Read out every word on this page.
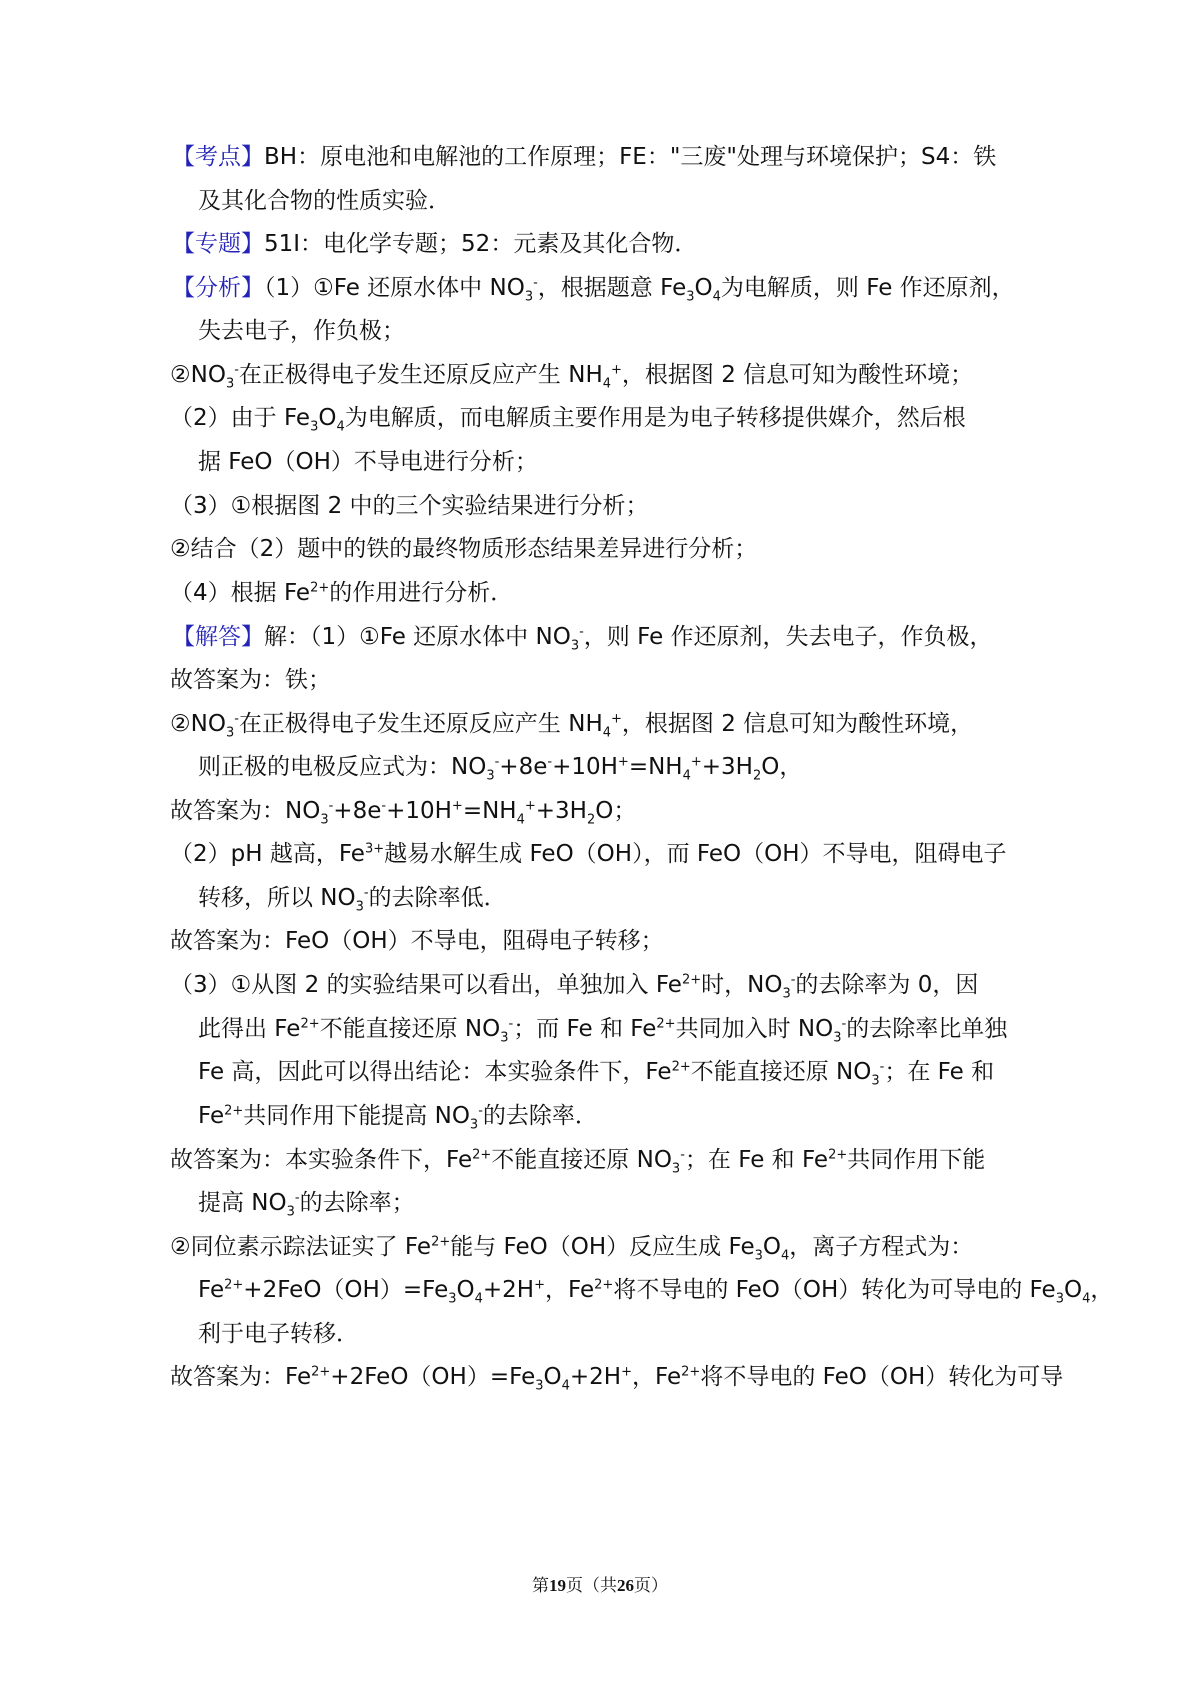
【考点】BH：原电池和电解池的工作原理；FE："三废"处理与环境保护；S4：铁
及其化合物的性质实验．
【专题】51I：电化学专题；52：元素及其化合物．
【分析】（1）①Fe 还原水体中 $NO_3^-$，根据题意 $Fe_3O_4$为电解质，则 Fe 作还原剂，
失去电子，作负极；
$②NO_3^-$在正极得电子发生还原反应产生 $NH_4^+$，根据图 2 信息可知为酸性环境；
（2）由于 $Fe_3O_4$为电解质，而电解质主要作用是为电子转移提供媒介，然后根
据 FeO（OH）不导电进行分析；
（3）①根据图 2 中的三个实验结果进行分析；
②结合（2）题中的铁的最终物质形态结果差异进行分析；
（4）根据 $Fe^{2+}$的作用进行分析．
【解答】解：（1）①Fe 还原水体中 $NO_3^-$，则 Fe 作还原剂，失去电子，作负极，
故答案为：铁；
$②NO_3^-$在正极得电子发生还原反应产生 $NH_4^+$，根据图 2 信息可知为酸性环境，
则正极的电极反应式为：$NO_3^-+8e^-+10H^+=NH_4^++3H_2O$，
故答案为：$NO_3^-+8e^-+10H^+=NH_4^++3H_2O$；
（2）pH 越高，$Fe^{3+}$越易水解生成 FeO（OH），而 FeO（OH）不导电，阻碍电子
转移，所以 $NO_3^-$的去除率低．
故答案为：FeO（OH）不导电，阻碍电子转移；
（3）①从图 2 的实验结果可以看出，单独加入 $Fe^{2+}$时，$NO_3^-$的去除率为 0，因
此得出 $Fe^{2+}$不能直接还原 $NO_3^-$；而 Fe 和 $Fe^{2+}$共同加入时 $NO_3^-$的去除率比单独
Fe 高，因此可以得出结论：本实验条件下，$Fe^{2+}$不能直接还原 $NO_3^-$；在 Fe 和
$Fe^{2+}$共同作用下能提高 $NO_3^-$的去除率．
故答案为：本实验条件下，$Fe^{2+}$不能直接还原 $NO_3^-$；在 Fe 和 $Fe^{2+}$共同作用下能
提高 $NO_3^-$的去除率；
②同位素示踪法证实了 $Fe^{2+}$能与 FeO（OH）反应生成 $Fe_3O_4$，离子方程式为：
$Fe^{2+}+2FeO(OH)=Fe_3O_4+2H^+$，$Fe^{2+}$将不导电的 FeO（OH）转化为可导电的 $Fe_3O_4$，
利于电子转移．
故答案为：$Fe^{2+}+2FeO(OH)=Fe_3O_4+2H^+$，$Fe^{2+}$将不导电的 FeO（OH）转化为可导
第19页（共26页）
